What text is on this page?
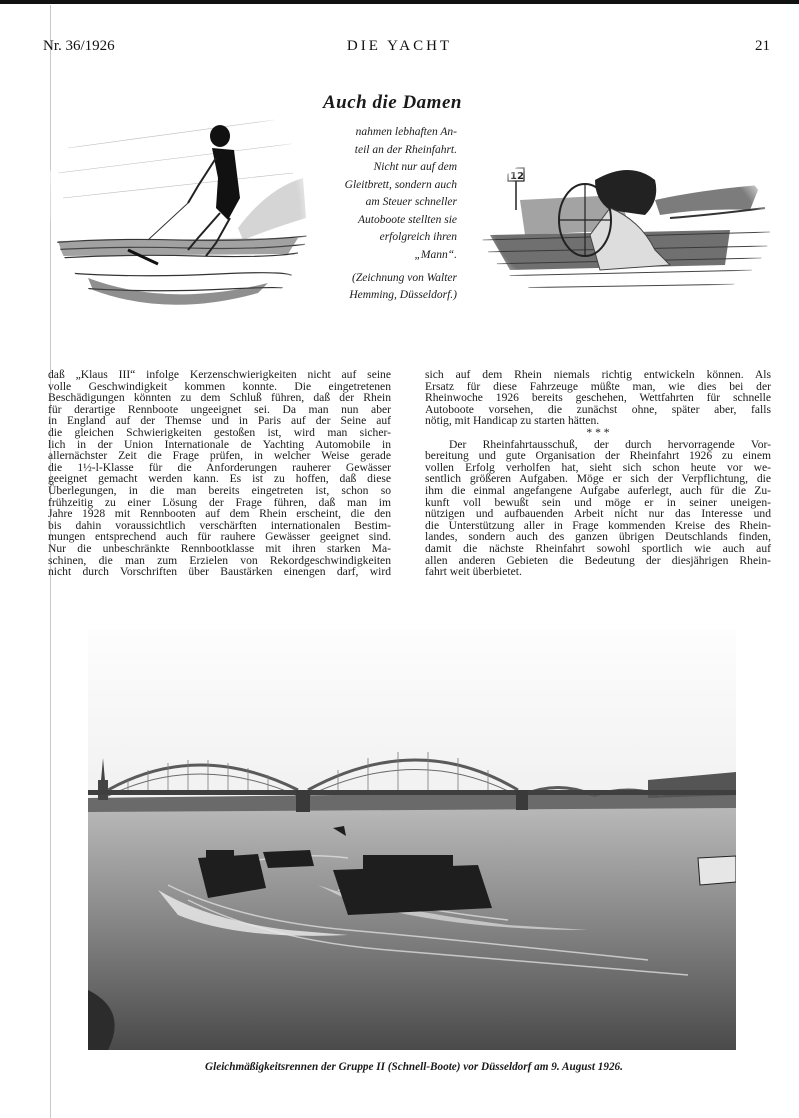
Nr. 36/1926	DIE YACHT	21
Auch die Damen
nahmen lebhaften An-
teil an der Rheinfahrt.
Nicht nur auf dem
Gleitbrett, sondern auch
am Steuer schneller
Autoboote stellten sie
erfolgreich ihren
„Mann“.
(Zeichnung von Walter
Hemming, Düsseldorf.)
daß „Klaus III“ infolge Kerzenschwierigkeiten nicht auf seine
volle Geschwindigkeit kommen konnte. Die eingetretenen
Beschädigungen könnten zu dem Schluß führen, daß der Rhein
für derartige Rennboote ungeeignet sei. Da man nun aber
in England auf der Themse und in Paris auf der Seine auf
die gleichen Schwierigkeiten gestoßen ist, wird man sicher-
lich in der Union Internationale de Yachting Automobile in
allernächster Zeit die Frage prüfen, in welcher Weise gerade
die 1½-l-Klasse für die Anforderungen rauherer Gewässer
geeignet gemacht werden kann. Es ist zu hoffen, daß diese
Überlegungen, in die man bereits eingetreten ist, schon so
frühzeitig zu einer Lösung der Frage führen, daß man im
Jahre 1928 mit Rennbooten auf dem Rhein erscheint, die den
bis dahin voraussichtlich verschärften internationalen Bestim-
mungen entsprechend auch für rauhere Gewässer geeignet sind.
Nur die unbeschränkte Rennbootklasse mit ihren starken Ma-
schinen, die man zum Erzielen von Rekordgeschwindigkeiten
nicht durch Vorschriften über Baustärken einengen darf, wird
sich auf dem Rhein niemals richtig entwickeln können. Als
Ersatz für diese Fahrzeuge müßte man, wie dies bei der
Rheinwoche 1926 bereits geschehen, Wettfahrten für schnelle
Autoboote vorsehen, die zunächst ohne, später aber, falls
nötig, mit Handicap zu starten hätten.
* * *
Der Rheinfahrtausschuß, der durch hervorragende Vor-
bereitung und gute Organisation der Rheinfahrt 1926 zu einem
vollen Erfolg verholfen hat, sieht sich schon heute vor we-
sentlich größeren Aufgaben. Möge er sich der Verpflichtung, die
ihm die einmal angefangene Aufgabe auferlegt, auch für die Zu-
kunft voll bewußt sein und möge er in seiner uneigen-
nützigen und aufbauenden Arbeit nicht nur das Interesse und
die Unterstützung aller in Frage kommenden Kreise des Rhein-
landes, sondern auch des ganzen übrigen Deutschlands finden,
damit die nächste Rheinfahrt sowohl sportlich wie auch auf
allen anderen Gebieten die Bedeutung der diesjährigen Rhein-
fahrt weit überbietet.
Gleichmäßigkeitsrennen der Gruppe II (Schnell-Boote) vor Düsseldorf am 9. August 1926.
